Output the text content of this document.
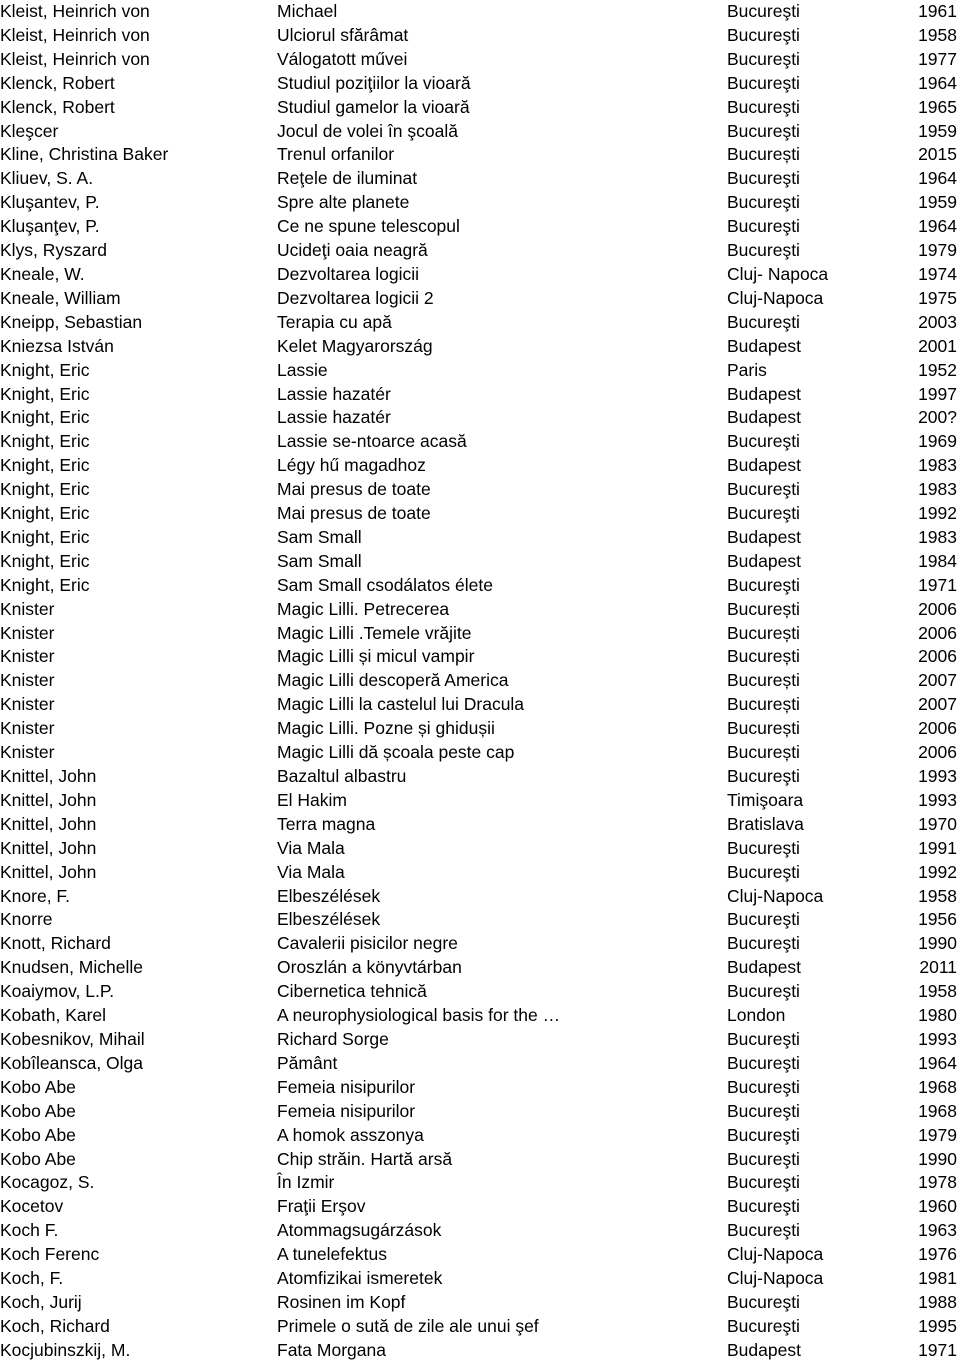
Kleist, Heinrich von	Michael	Bucureşti	1961
Kleist, Heinrich von	Ulciorul sfărâmat	Bucureşti	1958
Kleist, Heinrich von	Válogatott művei	Bucureşti	1977
Klenck, Robert	Studiul poziţiilor la vioară	Bucureşti	1964
Klenck, Robert	Studiul gamelor la vioară	Bucureşti	1965
Kleşcer	Jocul de volei în şcoală	Bucureşti	1959
Kline, Christina Baker	Trenul orfanilor	București	2015
Kliuev, S. A.	Reţele de iluminat	Bucureşti	1964
Kluşantev, P.	Spre alte planete	Bucureşti	1959
Kluşanţev, P.	Ce ne spune telescopul	Bucureşti	1964
Klys, Ryszard	Ucideţi oaia neagră	Bucureşti	1979
Kneale, W.	Dezvoltarea logicii	Cluj- Napoca	1974
Kneale, William	Dezvoltarea logicii 2	Cluj-Napoca	1975
Kneipp, Sebastian	Terapia cu apă	Bucureşti	2003
Kniezsa István	Kelet Magyarország	Budapest	2001
Knight, Eric	Lassie	Paris	1952
Knight, Eric	Lassie hazatér	Budapest	1997
Knight, Eric	Lassie hazatér	Budapest	200?
Knight, Eric	Lassie se-ntoarce acasă	Bucureşti	1969
Knight, Eric	Légy hű magadhoz	Budapest	1983
Knight, Eric	Mai presus de toate	Bucureşti	1983
Knight, Eric	Mai presus de toate	Bucureşti	1992
Knight, Eric	Sam Small	Budapest	1983
Knight, Eric	Sam Small	Budapest	1984
Knight, Eric	Sam Small csodálatos élete	Bucureşti	1971
Knister	Magic Lilli. Petrecerea	București	2006
Knister	Magic Lilli .Temele vrăjite	București	2006
Knister	Magic Lilli și micul vampir	București	2006
Knister	Magic Lilli descoperă America	București	2007
Knister	Magic Lilli la castelul lui Dracula	București	2007
Knister	Magic Lilli. Pozne și ghidușii	București	2006
Knister	Magic Lilli dă școala peste cap	București	2006
Knittel, John	Bazaltul albastru	Bucureşti	1993
Knittel, John	El Hakim	Timişoara	1993
Knittel, John	Terra magna	Bratislava	1970
Knittel, John	Via Mala	Bucureşti	1991
Knittel, John	Via Mala	Bucureşti	1992
Knore, F.	Elbeszélések	Cluj-Napoca	1958
Knorre	Elbeszélések	Bucureşti	1956
Knott, Richard	Cavalerii pisicilor negre	Bucureşti	1990
Knudsen, Michelle	Oroszlán a könyvtárban	Budapest	2011
Koaiymov, L.P.	Cibernetica tehnică	Bucureşti	1958
Kobath, Karel	A neurophysiological basis for the …	London	1980
Kobesnikov, Mihail	Richard Sorge	Bucureşti	1993
Kobîleansca, Olga	Pământ	Bucureşti	1964
Kobo Abe	Femeia nisipurilor	Bucureşti	1968
Kobo Abe	Femeia nisipurilor	Bucureşti	1968
Kobo Abe	A homok asszonya	Bucureşti	1979
Kobo Abe	Chip străin. Hartă arsă	Bucureşti	1990
Kocagoz, S.	În Izmir	Bucureşti	1978
Kocetov	Fraţii Erşov	Bucureşti	1960
Koch F.	Atommagsugárzások	Bucureşti	1963
Koch Ferenc	A tunelefektus	Cluj-Napoca	1976
Koch, F.	Atomfizikai ismeretek	Cluj-Napoca	1981
Koch, Jurij	Rosinen im Kopf	Bucureşti	1988
Koch, Richard	Primele o sută de zile ale unui şef	Bucureşti	1995
Kocjubinszkij, M.	Fata Morgana	Budapest	1971
